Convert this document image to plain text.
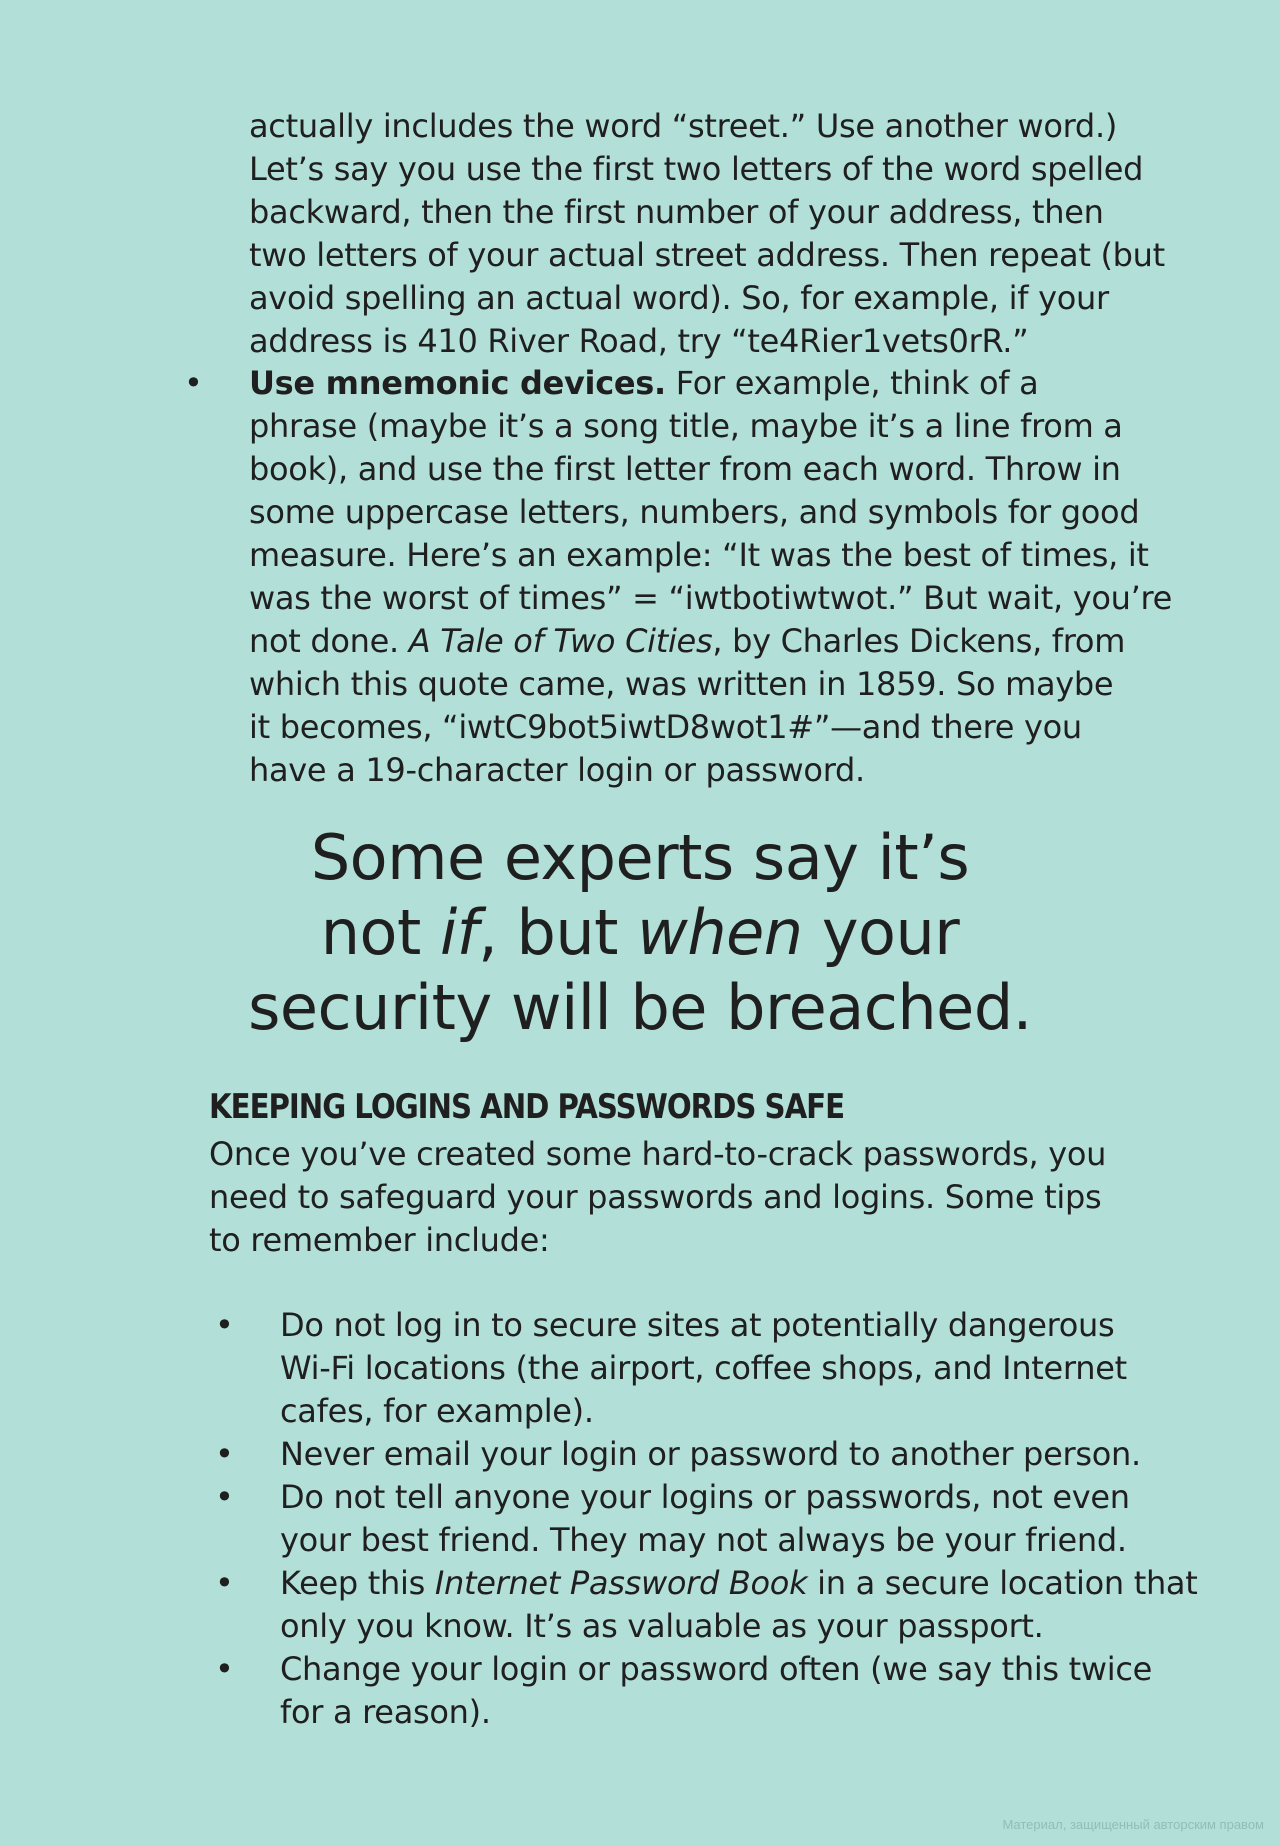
actually includes the word “street.” Use another word.)
Let’s say you use the first two letters of the word spelled
backward, then the first number of your address, then
two letters of your actual street address. Then repeat (but
avoid spelling an actual word). So, for example, if your
address is 410 River Road, try “te4Rier1vets0rR.”
•	Use mnemonic devices. For example, think of a
phrase (maybe it’s a song title, maybe it’s a line from a
book), and use the first letter from each word. Throw in
some uppercase letters, numbers, and symbols for good
measure. Here’s an example: “It was the best of times, it
was the worst of times” = “iwtbotiwtwot.” But wait, you’re
not done. A Tale of Two Cities, by Charles Dickens, from
which this quote came, was written in 1859. So maybe
it becomes, “iwtC9bot5iwtD8wot1#”—and there you
have a 19-character login or password.
Some experts say it’s
not if, but when your
security will be breached.
KEEPING LOGINS AND PASSWORDS SAFE
Once you’ve created some hard-to-crack passwords, you
need to safeguard your passwords and logins. Some tips
to remember include:
•	Do not log in to secure sites at potentially dangerous
Wi-Fi locations (the airport, coffee shops, and Internet
cafes, for example).
•	Never email your login or password to another person.
•	Do not tell anyone your logins or passwords, not even
your best friend. They may not always be your friend.
•	Keep this Internet Password Book in a secure location that
only you know. It’s as valuable as your passport.
•	Change your login or password often (we say this twice
for a reason).
Материал, защищенный авторским правом
